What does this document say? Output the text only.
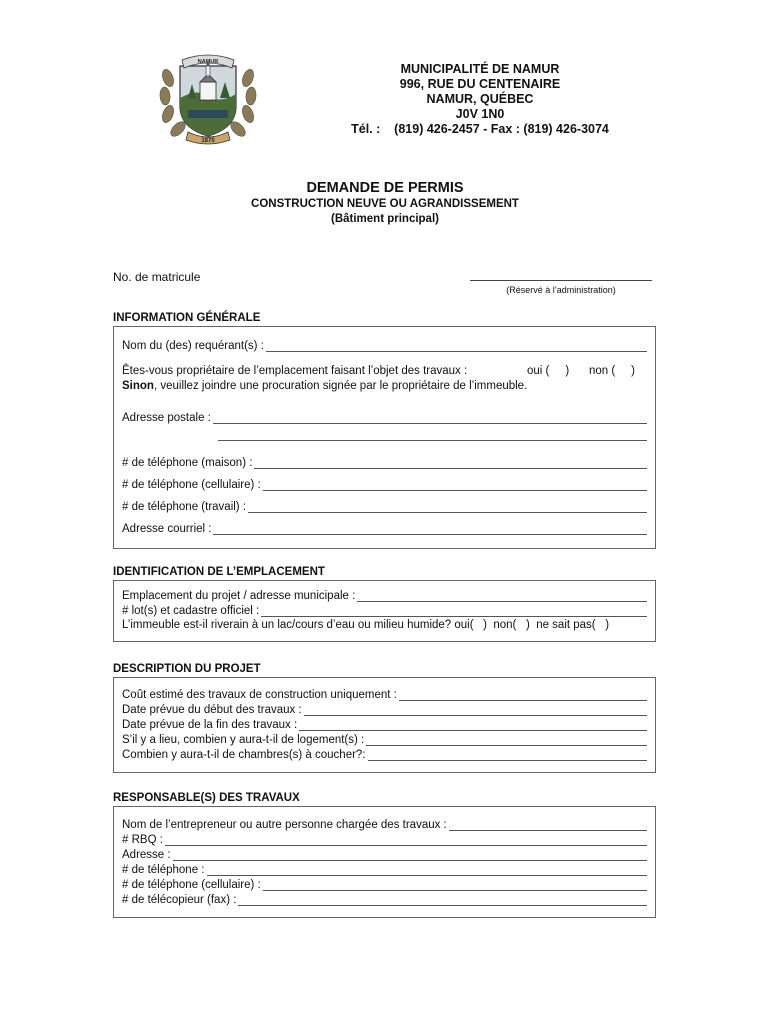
NAMUR
1870
MUNICIPALITÉ DE NAMUR
996, RUE DU CENTENAIRE
NAMUR, QUÉBEC
J0V 1N0
Tél. :    (819) 426-2457 - Fax : (819) 426-3074
DEMANDE DE PERMIS
CONSTRUCTION NEUVE OU AGRANDISSEMENT
(Bâtiment principal)
No. de matricule
(Réservé à l’administration)
INFORMATION GÉNÉRALE
Nom du (des) requérant(s) :
Êtes-vous propriétaire de l’emplacement faisant l’objet des travaux :	oui (     ) non (     )
Sinon, veuillez joindre une procuration signée par le propriétaire de l’immeuble.
Adresse postale :
# de téléphone (maison) :
# de téléphone (cellulaire) :
# de téléphone (travail) :
Adresse courriel :
IDENTIFICATION DE L’EMPLACEMENT
Emplacement du projet / adresse municipale :
# lot(s) et cadastre officiel :
L’immeuble est-il riverain à un lac/cours d’eau ou milieu humide? oui(   )  non(   )  ne sait pas(   )
DESCRIPTION DU PROJET
Coût estimé des travaux de construction uniquement :
Date prévue du début des travaux :
Date prévue de la fin des travaux :
S’il y a lieu, combien y aura-t-il de logement(s) :
Combien y aura-t-il de chambres(s) à coucher?:
RESPONSABLE(S) DES TRAVAUX
Nom de l’entrepreneur ou autre personne chargée des travaux :
# RBQ :
Adresse :
# de téléphone :
# de téléphone (cellulaire) :
# de télécopieur (fax) :
